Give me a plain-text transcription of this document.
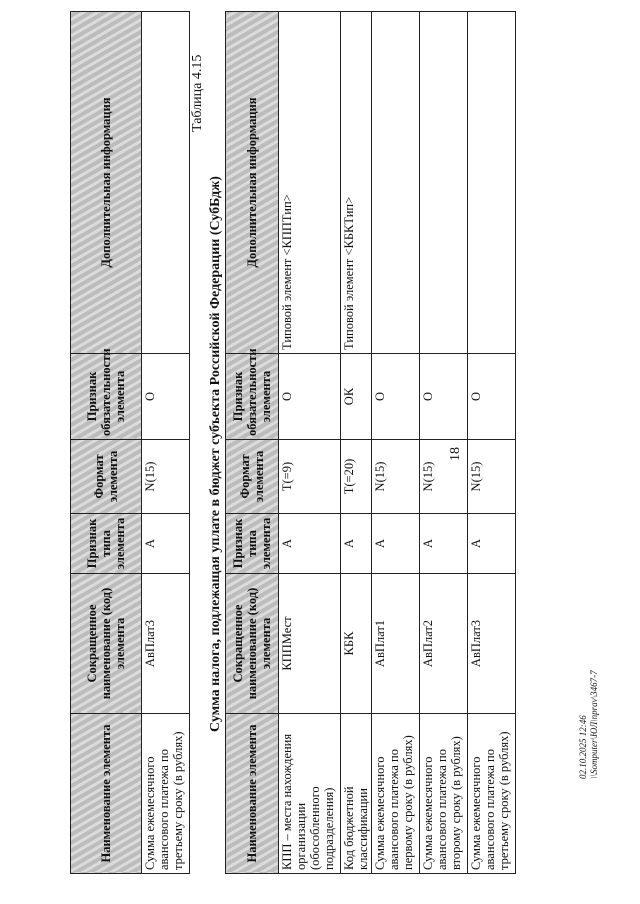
18
Наименование элемента	Сокращенное наименование (код) элемента	Признак типа элемента	Формат элемента	Признак обязательности элемента	Дополнительная информация
Сумма ежемесячного авансового платежа по третьему сроку (в рублях)	АвПлат3	А	N(15)	О	
Таблица 4.15
Сумма налога, подлежащая уплате в бюджет субъекта Российской Федерации (СубБдж)
Наименование элемента	Сокращенное наименование (код) элемента	Признак типа элемента	Формат элемента	Признак обязательности элемента	Дополнительная информация
КПП – места нахождения организации (обособленного подразделения)	КППМест	А	T(=9)	О	Типовой элемент <КППТип>
Код бюджетной классификации	КБК	А	T(=20)	ОК	Типовой элемент <КБКТип>
Сумма ежемесячного авансового платежа по первому сроку (в рублях)	АвПлат1	А	N(15)	О	
Сумма ежемесячного авансового платежа по второму сроку (в рублях)	АвПлат2	А	N(15)	О	
Сумма ежемесячного авансового платежа по третьему сроку (в рублях)	АвПлат3	А	N(15)	О	
02.10.2025 12:46 \\Somputer\ЮЛ\nprav\3467-7
